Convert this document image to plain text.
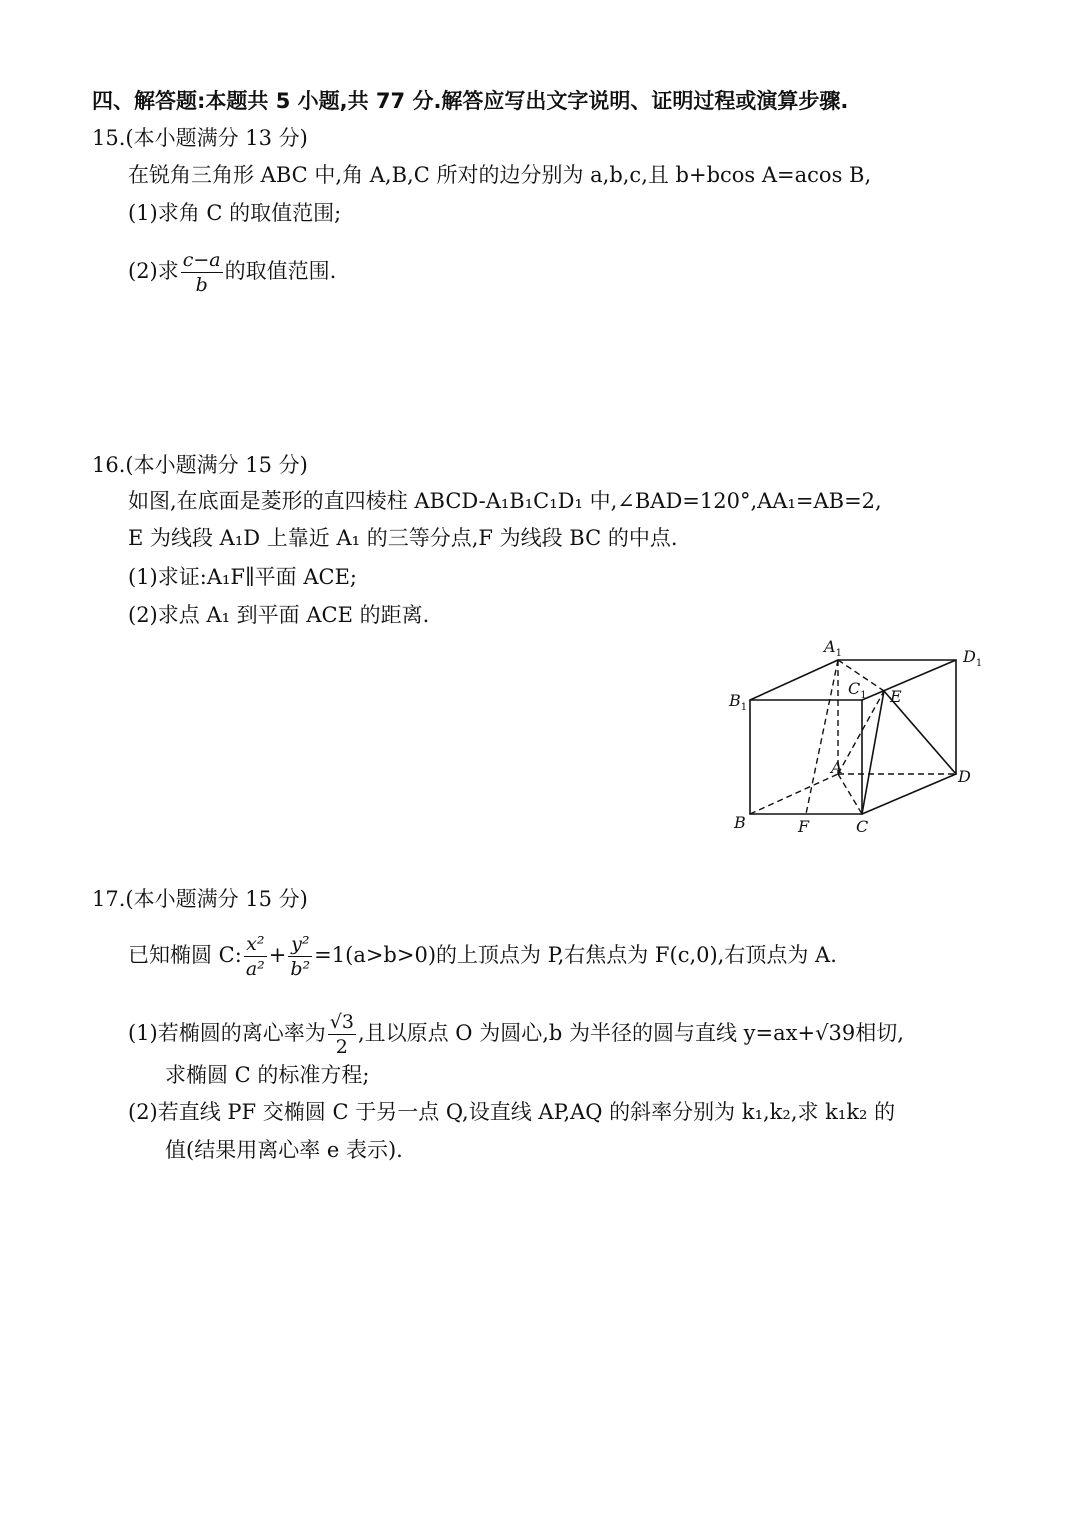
四、解答题:本题共 5 小题,共 77 分.解答应写出文字说明、证明过程或演算步骤.
15.(本小题满分 13 分)
在锐角三角形 ABC 中,角 A,B,C 所对的边分别为 a,b,c,且 b+bcos A=acos B,
(1)求角 C 的取值范围;
(2)求 $\frac{c-a}{b}$ 的取值范围.
16.(本小题满分 15 分)
如图,在底面是菱形的直四棱柱 ABCD-A₁B₁C₁D₁ 中,∠BAD=120°,AA₁=AB=2,
E 为线段 A₁D 上靠近 A₁ 的三等分点,F 为线段 BC 的中点.
(1)求证:A₁F∥平面 ACE;
(2)求点 A₁ 到平面 ACE 的距离.
$A_1$	$D_1$
$B_1$
$C_1$ E
A	D
B	F	C
17.(本小题满分 15 分)
已知椭圆 C: $\frac{\text{x²}}{\text{a²}} + \frac{\text{y²}}{\text{b²}} =1(a>b>0)$的上顶点为 P,右焦点为 F(c,0),右顶点为 A.
(1)若椭圆的离心率为 $\frac{√3}{2}$ ,且以原点 O 为圆心,b 为半径的圆与直线 y=ax+√39相切,
求椭圆 C 的标准方程;
(2)若直线 PF 交椭圆 C 于另一点 Q,设直线 AP,AQ 的斜率分别为 k₁,k₂,求 k₁k₂ 的
值(结果用离心率 e 表示).
